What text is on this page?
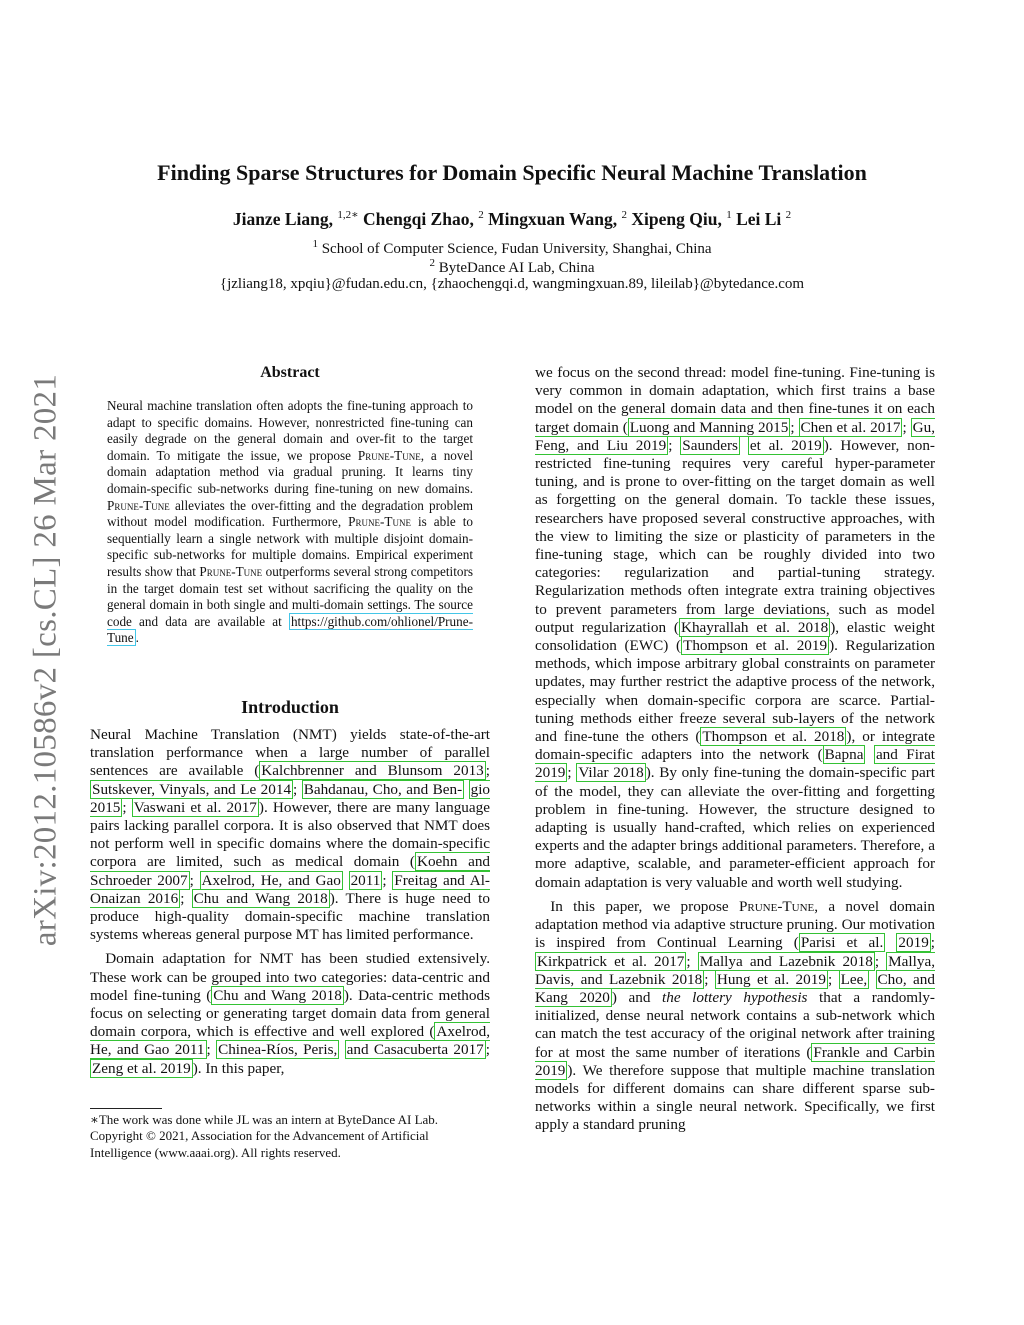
arXiv:2012.10586v2 [cs.CL] 26 Mar 2021
Finding Sparse Structures for Domain Specific Neural Machine Translation
Jianze Liang, $^{1,2∗}$ Chengqi Zhao, $^2$ Mingxuan Wang, $^2$ Xipeng Qiu, $^1$ Lei Li $^2$
$^1$ School of Computer Science, Fudan University, Shanghai, China
$^2$ ByteDance AI Lab, China
{jzliang18, xpqiu}@fudan.edu.cn, {zhaochengqi.d, wangmingxuan.89, lileilab}@bytedance.com
Abstract
Neural machine translation often adopts the fine-tuning approach to adapt to specific domains. However, nonrestricted fine-tuning can easily degrade on the general domain and over-fit to the target domain. To mitigate the issue, we propose Prune-Tune, a novel domain adaptation method via gradual pruning. It learns tiny domain-specific sub-networks during fine-tuning on new domains. Prune-Tune alleviates the over-fitting and the degradation problem without model modification. Furthermore, Prune-Tune is able to sequentially learn a single network with multiple disjoint domain-specific sub-networks for multiple domains. Empirical experiment results show that Prune-Tune outperforms several strong competitors in the target domain test set without sacrificing the quality on the general domain in both single and multi-domain settings. The source code and data are available at https://github.com/ohlionel/Prune-Tune .
Introduction

Neural Machine Translation (NMT) yields state-of-the-art translation performance when a large number of parallel sentences are available ( Kalchbrenner and Blunsom 2013 ; Sutskever, Vinyals, and Le 2014 ; Bahdanau, Cho, and Ben- gio 2015 ; Vaswani et al. 2017 ). However, there are many language pairs lacking parallel corpora. It is also observed that NMT does not perform well in specific domains where the domain-specific corpora are limited, such as medical domain ( Koehn and Schroeder 2007 ; Axelrod, He, and Gao 2011 ; Freitag and Al-Onaizan 2016 ; Chu and Wang 2018 ). There is huge need to produce high-quality domain-specific machine translation systems whereas general purpose MT has limited performance.

Domain adaptation for NMT has been studied extensively. These work can be grouped into two categories: data-centric and model fine-tuning ( Chu and Wang 2018 ). Data-centric methods focus on selecting or generating target domain data from general domain corpora, which is effective and well explored ( Axelrod, He, and Gao 2011 ; Chinea-Ríos, Peris, and Casacuberta 2017 ; Zeng et al. 2019 ). In this paper,

∗The work was done while JL was an intern at ByteDance AI Lab.

Copyright © 2021, Association for the Advancement of Artificial Intelligence (www.aaai.org). All rights reserved.

we focus on the second thread: model fine-tuning. Fine-tuning is very common in domain adaptation, which first trains a base model on the general domain data and then fine-tunes it on each target domain ( Luong and Manning 2015 ; Chen et al. 2017 ; Gu, Feng, and Liu 2019 ; Saunders et al. 2019 ). However, non-restricted fine-tuning requires very careful hyper-parameter tuning, and is prone to over-fitting on the target domain as well as forgetting on the general domain. To tackle these issues, researchers have proposed several constructive approaches, with the view to limiting the size or plasticity of parameters in the fine-tuning stage, which can be roughly divided into two categories: regularization and partial-tuning strategy. Regularization methods often integrate extra training objectives to prevent parameters from large deviations, such as model output regularization ( Khayrallah et al. 2018 ), elastic weight consolidation (EWC) ( Thompson et al. 2019 ). Regularization methods, which impose arbitrary global constraints on parameter updates, may further restrict the adaptive process of the network, especially when domain-specific corpora are scarce. Partial-tuning methods either freeze several sub-layers of the network and fine-tune the others ( Thompson et al. 2018 ), or integrate domain-specific adapters into the network ( Bapna and Firat 2019 ; Vilar 2018 ). By only fine-tuning the domain-specific part of the model, they can alleviate the over-fitting and forgetting problem in fine-tuning. However, the structure designed to adapting is usually hand-crafted, which relies on experienced experts and the adapter brings additional parameters. Therefore, a more adaptive, scalable, and parameter-efficient approach for domain adaptation is very valuable and worth well studying.

In this paper, we propose Prune-Tune, a novel domain adaptation method via adaptive structure pruning. Our motivation is inspired from Continual Learning ( Parisi et al. 2019 ; Kirkpatrick et al. 2017 ; Mallya and Lazebnik 2018 ; Mallya, Davis, and Lazebnik 2018 ; Hung et al. 2019 ; Lee, Cho, and Kang 2020 ) and the lottery hypothesis that a randomly-initialized, dense neural network contains a sub-network which can match the test accuracy of the original network after training for at most the same number of iterations ( Frankle and Carbin 2019 ). We therefore suppose that multiple machine translation models for different domains can share different sparse sub-networks within a single neural network. Specifically, we first apply a standard pruning
